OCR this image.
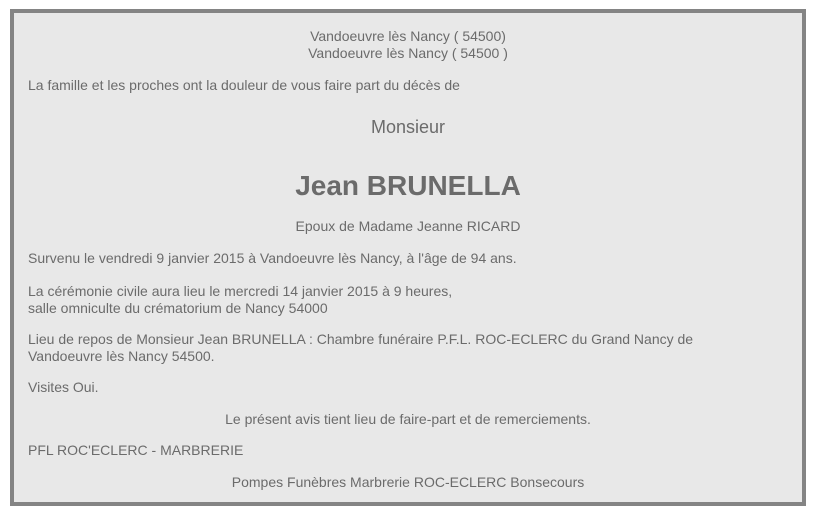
Vandoeuvre lès Nancy ( 54500)
Vandoeuvre lès Nancy ( 54500 )
La famille et les proches ont la douleur de vous faire part du décès de
Monsieur
Jean BRUNELLA
Epoux de Madame Jeanne RICARD
Survenu le vendredi 9 janvier 2015 à Vandoeuvre lès Nancy, à l'âge de 94 ans.
La cérémonie civile aura lieu le mercredi 14 janvier 2015 à 9 heures,
salle omniculte du crématorium de Nancy 54000
Lieu de repos de Monsieur Jean BRUNELLA : Chambre funéraire P.F.L. ROC-ECLERC du Grand Nancy de Vandoeuvre lès Nancy 54500.
Visites Oui.
Le présent avis tient lieu de faire-part et de remerciements.
PFL ROC'ECLERC - MARBRERIE
Pompes Funèbres Marbrerie ROC-ECLERC Bonsecours
